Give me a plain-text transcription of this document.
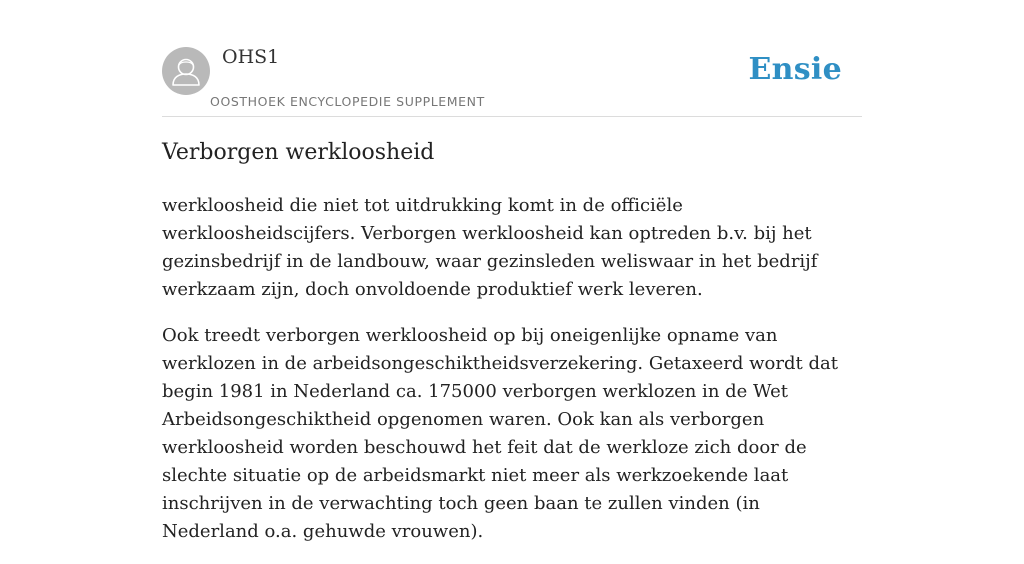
OHS1
OOSTHOEK ENCYCLOPEDIE SUPPLEMENT
Ensie
Verborgen werkloosheid

werkloosheid die niet tot uitdrukking komt in de officiële werkloosheidscijfers. Verborgen werkloosheid kan optreden b.v. bij het gezinsbedrijf in de landbouw, waar gezinsleden weliswaar in het bedrijf werkzaam zijn, doch onvoldoende produktief werk leveren.

Ook treedt verborgen werkloosheid op bij oneigenlijke opname van werklozen in de arbeidsongeschiktheidsverzekering. Getaxeerd wordt dat begin 1981 in Nederland ca. 175000 verborgen werklozen in de Wet Arbeidsongeschiktheid opgenomen waren. Ook kan als verborgen werkloosheid worden beschouwd het feit dat de werkloze zich door de slechte situatie op de arbeidsmarkt niet meer als werkzoekende laat inschrijven in de verwachting toch geen baan te zullen vinden (in Nederland o.a. gehuwde vrouwen).
